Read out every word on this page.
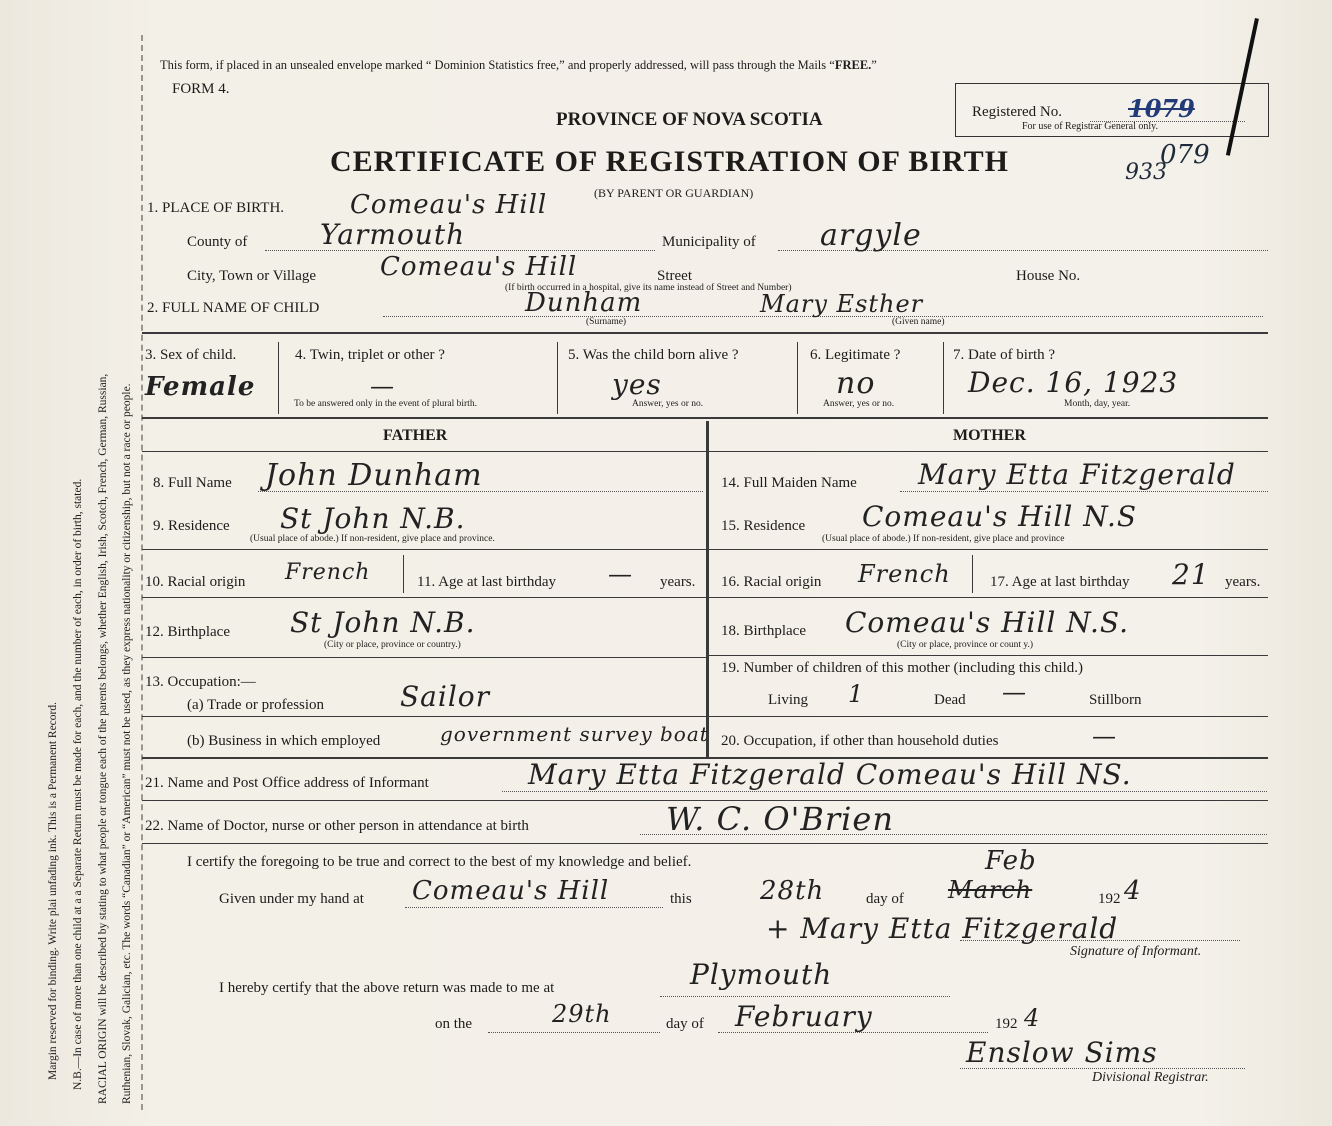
Margin reserved for binding. Write plai unfading ink. This is a Permanent Record. N.B.—In case of more than one child at a a Separate Return must be made for each, and the number of each, in order of birth, stated. RACIAL ORIGIN will be described by stating to what people or tongue each of the parents belongs, whether English, Irish, Scotch, French, German, Russian, Ruthenian, Slovak, Galician, etc. The words “Canadian” or “American” must not be used, as they express nationality or citizenship, but not a race or people.
This form, if placed in an unsealed envelope marked “ Dominion Statistics free,” and properly addressed, will pass through the Mails “FREE.”
FORM 4.
PROVINCE OF NOVA SCOTIA
CERTIFICATE OF REGISTRATION OF BIRTH
(BY PARENT OR GUARDIAN)
Registered No.	1079
For use of Registrar General only.
079
933
1. PLACE OF BIRTH.	Comeau's Hill
County of	Yarmouth	Municipality of argyle
City, Town or Village Comeau's Hill	Street	House No.
(If birth occurred in a hospital, give its name instead of Street and Number)
2. FULL NAME OF CHILD	Dunham	Mary Esther
(Surname)	(Given name)
3. Sex of child.
Female
4. Twin, triplet or other ?
—
To be answered only in the event of plural birth.
5. Was the child born alive ?
yes
Answer, yes or no.
6. Legitimate ?
no
Answer, yes or no.
7. Date of birth ?
Dec. 16, 1923
Month, day, year.
FATHER	MOTHER
8. Full Name John Dunham
9. Residence St John N.B.
(Usual place of abode.) If non-resident, give place and province.
10. Racial origin French	11. Age at last birthday — years.
12. Birthplace St John N.B.
(City or place, province or country.)
13. Occupation:—
(a) Trade or profession	Sailor
(b) Business in which employed	government survey boat
14. Full Maiden Name Mary Etta Fitzgerald
15. Residence Comeau's Hill N.S
(Usual place of abode.) If non-resident, give place and province
16. Racial origin French	17. Age at last birthday 21 years.
18. Birthplace Comeau's Hill N.S.
(City or place, province or count y.)
19. Number of children of this mother (including this child.)
Living 1	Dead —	Stillborn
20. Occupation, if other than household duties	—
21. Name and Post Office address of Informant	Mary Etta Fitzgerald Comeau's Hill NS.
22. Name of Doctor, nurse or other person in attendance at birth	W. C. O'Brien
I certify the foregoing to be true and correct to the best of my knowledge and belief.
Given under my hand at Comeau's Hill	this	28th	day of March
Feb
192 4
+ Mary Etta Fitzgerald
Signature of Informant.
I hereby certify that the above return was made to me at	Plymouth
on the	29th	day of February	192 4
Enslow Sims
Divisional Registrar.
